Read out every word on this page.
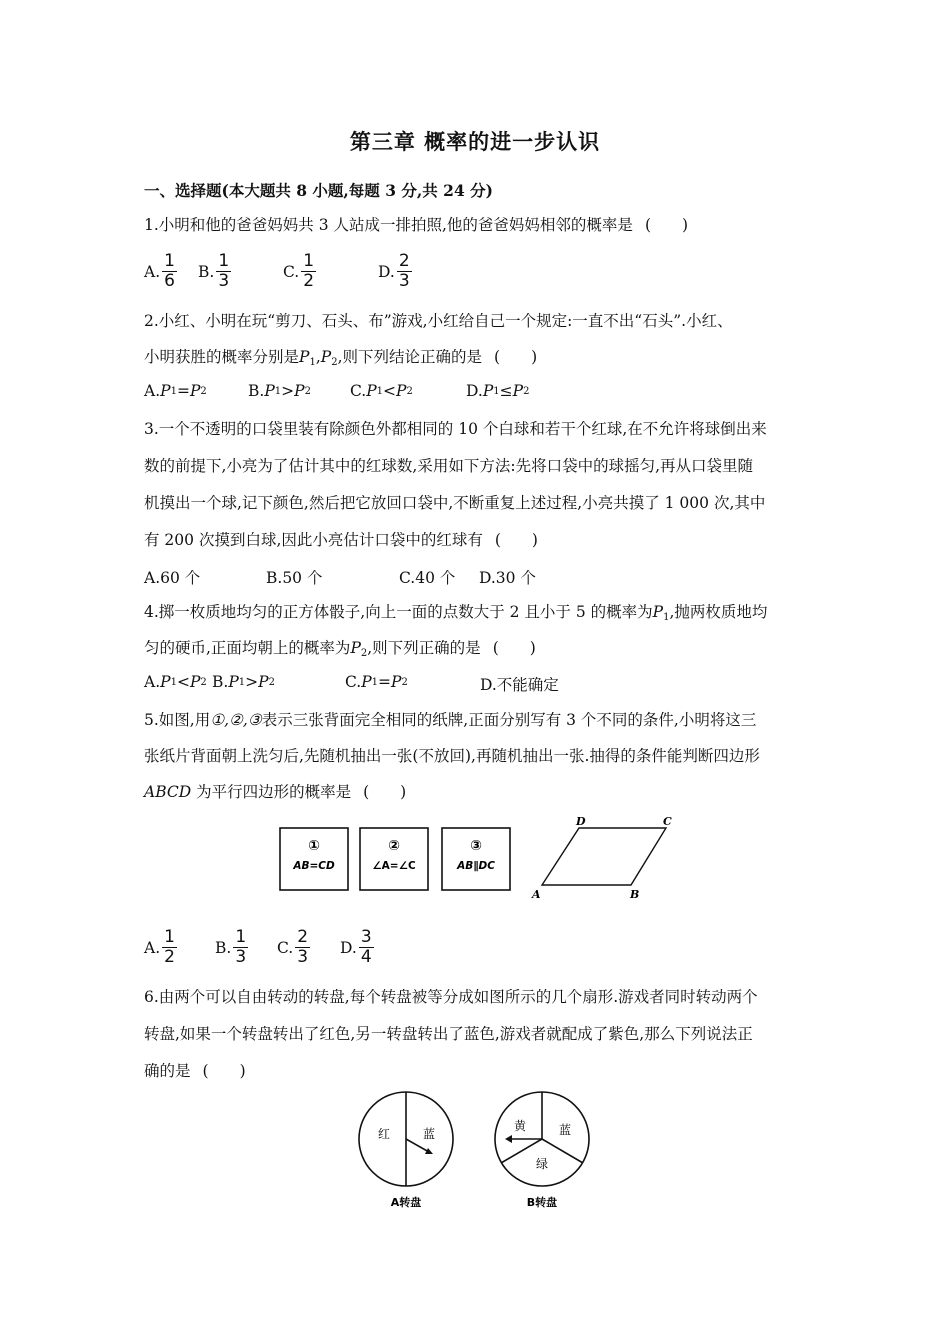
第三章 概率的进一步认识
一、选择题(本大题共 8 小题,每题 3 分,共 24 分)
1.小明和他的爸爸妈妈共 3 人站成一排拍照,他的爸爸妈妈相邻的概率是 (　　)
A. $\frac{1}{6} B$. $\frac{1}{3}$	C. $\frac{1}{2}$	D. $\frac{2}{3}$
2.小红、小明在玩“剪刀、石头、布”游戏,小红给自己一个规定:一直不出“石头”.小红、
小明获胜的概率分别是$P_1,P_2$,则下列结论正确的是 (　　)
A. P 1 = P 2	B. P 1 > P 2	C. P 1 < P 2	D. P 1 ≤ P 2
3.一个不透明的口袋里装有除颜色外都相同的 10 个白球和若干个红球,在不允许将球倒出来
数的前提下,小亮为了估计其中的红球数,采用如下方法:先将口袋中的球摇匀,再从口袋里随
机摸出一个球,记下颜色,然后把它放回口袋中,不断重复上述过程,小亮共摸了 1 000 次,其中
有 200 次摸到白球,因此小亮估计口袋中的红球有 (　　)
A.60 个	B.50 个	C.40 个 D.30 个
4.掷一枚质地均匀的正方体骰子,向上一面的点数大于 2 且小于 5 的概率为$P_1$,抛两枚质地均
匀的硬币,正面均朝上的概率为$P_2$,则下列正确的是 (　　)
A. P 1 < P 2 B. P 1 > P 2	C. P 1 = P 2	D.不能确定
5.如图,用①,②,③表示三张背面完全相同的纸牌,正面分别写有 3 个不同的条件,小明将这三
张纸片背面朝上洗匀后,先随机抽出一张(不放回),再随机抽出一张.抽得的条件能判断四边形
ABCD 为平行四边形的概率是 (　　)
①
AB=CD
②
∠A=∠C
③
AB∥DC
A	B
C
D
A. $\frac{1}{2} B$. $\frac{1}{3} C$. $\frac{2}{3} D$. $\frac{3}{4}$
6.由两个可以自由转动的转盘,每个转盘被等分成如图所示的几个扇形.游戏者同时转动两个
转盘,如果一个转盘转出了红色,另一转盘转出了蓝色,游戏者就配成了紫色,那么下列说法正
确的是 (　　)
红	蓝
A转盘
黄	蓝
绿
B转盘
